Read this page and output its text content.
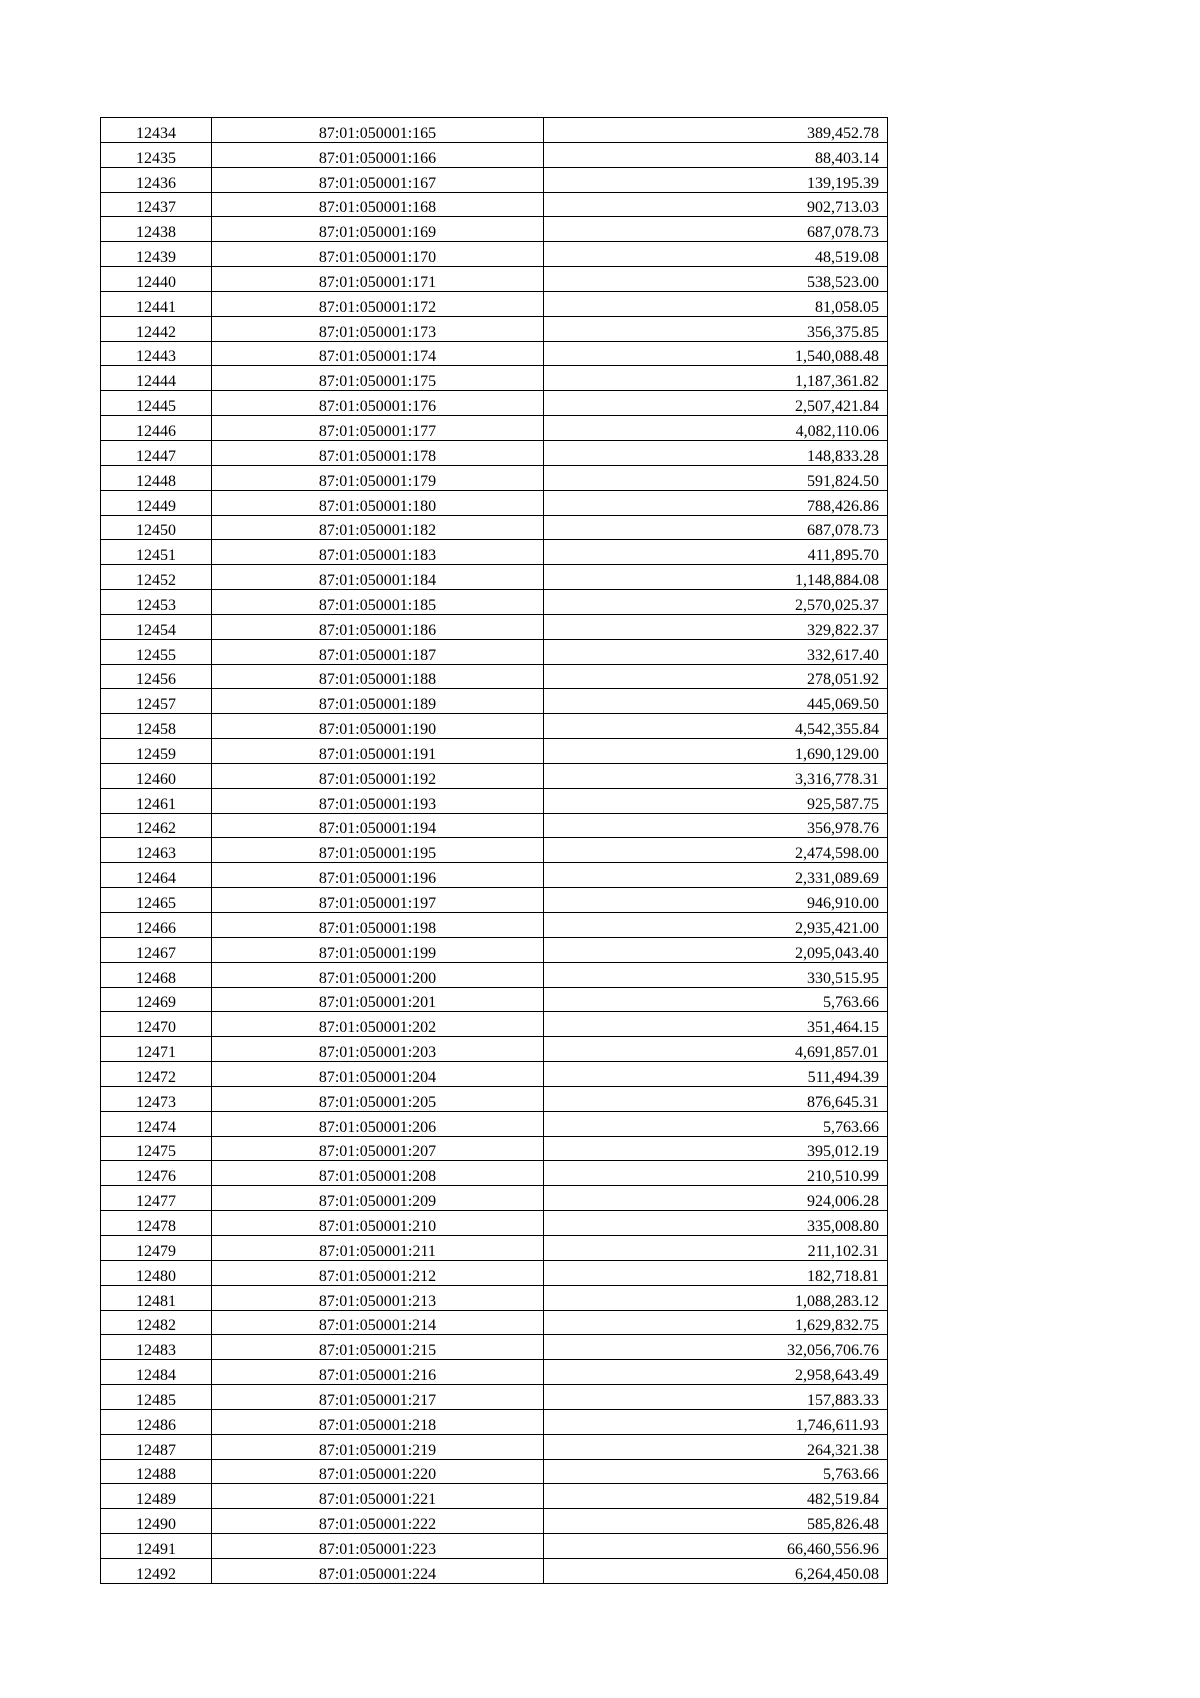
12434	87:01:050001:165	389,452.78
12435	87:01:050001:166	88,403.14
12436	87:01:050001:167	139,195.39
12437	87:01:050001:168	902,713.03
12438	87:01:050001:169	687,078.73
12439	87:01:050001:170	48,519.08
12440	87:01:050001:171	538,523.00
12441	87:01:050001:172	81,058.05
12442	87:01:050001:173	356,375.85
12443	87:01:050001:174	1,540,088.48
12444	87:01:050001:175	1,187,361.82
12445	87:01:050001:176	2,507,421.84
12446	87:01:050001:177	4,082,110.06
12447	87:01:050001:178	148,833.28
12448	87:01:050001:179	591,824.50
12449	87:01:050001:180	788,426.86
12450	87:01:050001:182	687,078.73
12451	87:01:050001:183	411,895.70
12452	87:01:050001:184	1,148,884.08
12453	87:01:050001:185	2,570,025.37
12454	87:01:050001:186	329,822.37
12455	87:01:050001:187	332,617.40
12456	87:01:050001:188	278,051.92
12457	87:01:050001:189	445,069.50
12458	87:01:050001:190	4,542,355.84
12459	87:01:050001:191	1,690,129.00
12460	87:01:050001:192	3,316,778.31
12461	87:01:050001:193	925,587.75
12462	87:01:050001:194	356,978.76
12463	87:01:050001:195	2,474,598.00
12464	87:01:050001:196	2,331,089.69
12465	87:01:050001:197	946,910.00
12466	87:01:050001:198	2,935,421.00
12467	87:01:050001:199	2,095,043.40
12468	87:01:050001:200	330,515.95
12469	87:01:050001:201	5,763.66
12470	87:01:050001:202	351,464.15
12471	87:01:050001:203	4,691,857.01
12472	87:01:050001:204	511,494.39
12473	87:01:050001:205	876,645.31
12474	87:01:050001:206	5,763.66
12475	87:01:050001:207	395,012.19
12476	87:01:050001:208	210,510.99
12477	87:01:050001:209	924,006.28
12478	87:01:050001:210	335,008.80
12479	87:01:050001:211	211,102.31
12480	87:01:050001:212	182,718.81
12481	87:01:050001:213	1,088,283.12
12482	87:01:050001:214	1,629,832.75
12483	87:01:050001:215	32,056,706.76
12484	87:01:050001:216	2,958,643.49
12485	87:01:050001:217	157,883.33
12486	87:01:050001:218	1,746,611.93
12487	87:01:050001:219	264,321.38
12488	87:01:050001:220	5,763.66
12489	87:01:050001:221	482,519.84
12490	87:01:050001:222	585,826.48
12491	87:01:050001:223	66,460,556.96
12492	87:01:050001:224	6,264,450.08
